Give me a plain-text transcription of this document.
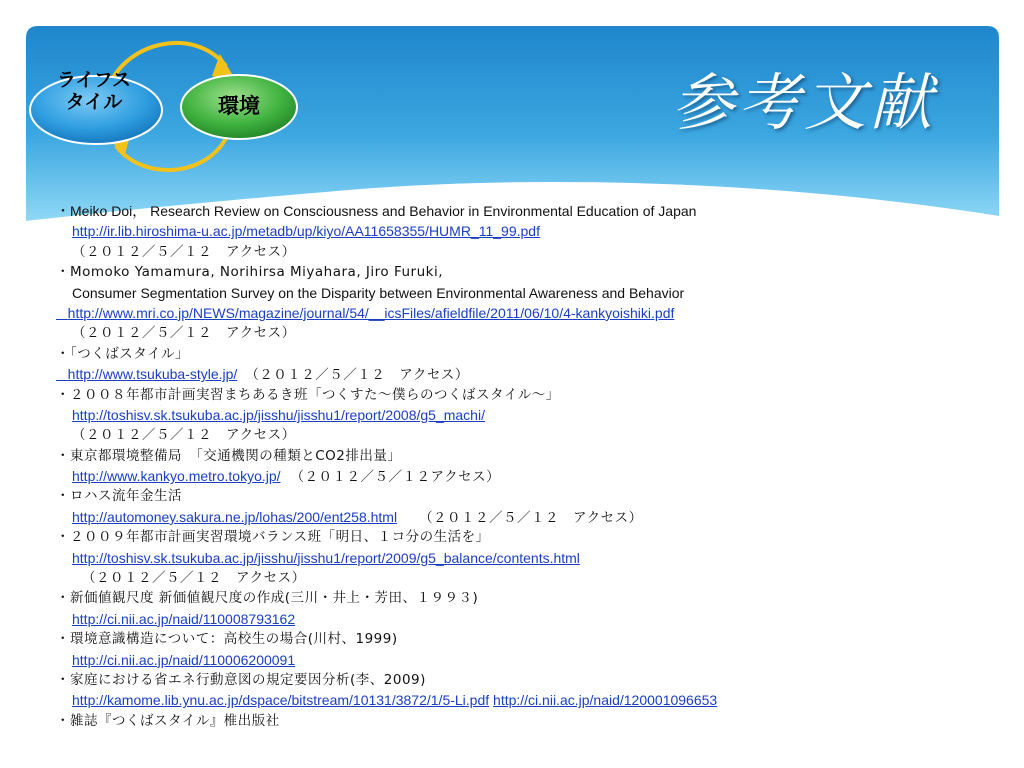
ライフスタイル	環境	参考文献
・Meiko Doi， Research Review on Consciousness and Behavior in Environmental Education of Japan
http://ir.lib.hiroshima-u.ac.jp/metadb/up/kiyo/AA11658355/HUMR_11_99.pdf
（２０１２／５／１２　アクセス）
・Momoko Yamamura, Norihirsa Miyahara, Jiro Furuki,
Consumer Segmentation Survey on the Disparity between Environmental Awareness and Behavior
http://www.mri.co.jp/NEWS/magazine/journal/54/__icsFiles/afieldfile/2011/06/10/4-kankyoishiki.pdf
（２０１２／５／１２　アクセス）
・「つくばスタイル」
http://www.tsukuba-style.jp/ （２０１２／５／１２　アクセス）
・２００８年都市計画実習まちあるき班「つくすた～僕らのつくばスタイル～」
http://toshisv.sk.tsukuba.ac.jp/jisshu/jisshu1/report/2008/g5_machi/
（２０１２／５／１２　アクセス）
・東京都環境整備局　「交通機関の種類とCO2排出量」
http://www.kankyo.metro.tokyo.jp/ （２０１２／５／１２アクセス）
・ロハス流年金生活
http://automoney.sakura.ne.jp/lohas/200/ent258.html （２０１２／５／１２　アクセス）
・２００９年都市計画実習環境バランス班「明日、１コ分の生活を」
http://toshisv.sk.tsukuba.ac.jp/jisshu/jisshu1/report/2009/g5_balance/contents.html
（２０１２／５／１２　アクセス）
・新価値観尺度 新価値観尺度の作成(三川・井上・芳田、１９９３)
http://ci.nii.ac.jp/naid/110008793162
・環境意識構造について：高校生の場合(川村、1999)
http://ci.nii.ac.jp/naid/110006200091
・家庭における省エネ行動意図の規定要因分析(李、2009)
http://kamome.lib.ynu.ac.jp/dspace/bitstream/10131/3872/1/5-Li.pdf http://ci.nii.ac.jp/naid/120001096653
・雑誌『つくばスタイル』椎出版社
